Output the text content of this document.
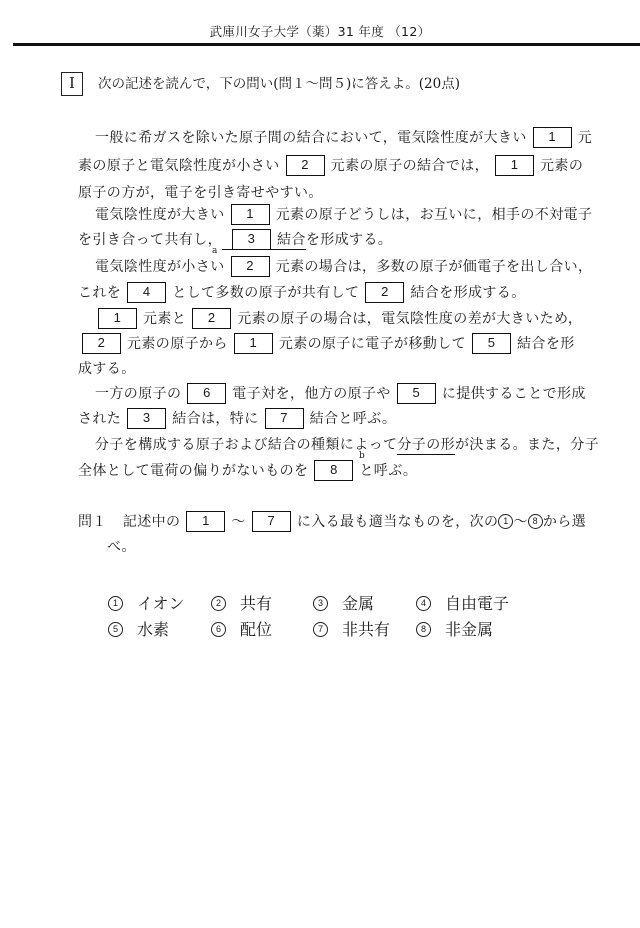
武庫川女子大学（薬）31 年度 （12）
Ⅰ	次の記述を読んで，下の問い(問１～問５)に答えよ。(20点)
一般に希ガスを除いた原子間の結合において，電気陰性度が大きい 1 元
素の原子と電気陰性度が小さい 2 元素の原子の結合では， 1 元素の
原子の方が，電子を引き寄せやすい。
電気陰性度が大きい 1 元素の原子どうしは，お互いに，相手の不対電子
を引き合って共有し， 3 結合を形成する。
a
電気陰性度が小さい 2 元素の場合は，多数の原子が価電子を出し合い，
これを 4 として多数の原子が共有して 2 結合を形成する。
1 元素と 2 元素の原子の場合は，電気陰性度の差が大きいため，
2 元素の原子から 1 元素の原子に電子が移動して 5 結合を形
成する。
一方の原子の 6 電子対を，他方の原子や 5 に提供することで形成
された 3 結合は，特に 7 結合と呼ぶ。
分子を構成する原子および結合の種類によって分子の形が決まる。また，分子
b
全体として電荷の偏りがないものを 8 と呼ぶ。
問１ 記述中の 1 ～ 7 に入る最も適当なものを，次の 1 ～ 8 から選
べ。
1 イオン	2 共有	3 金属	4 自由電子
5 水素	6 配位	7 非共有	8 非金属
